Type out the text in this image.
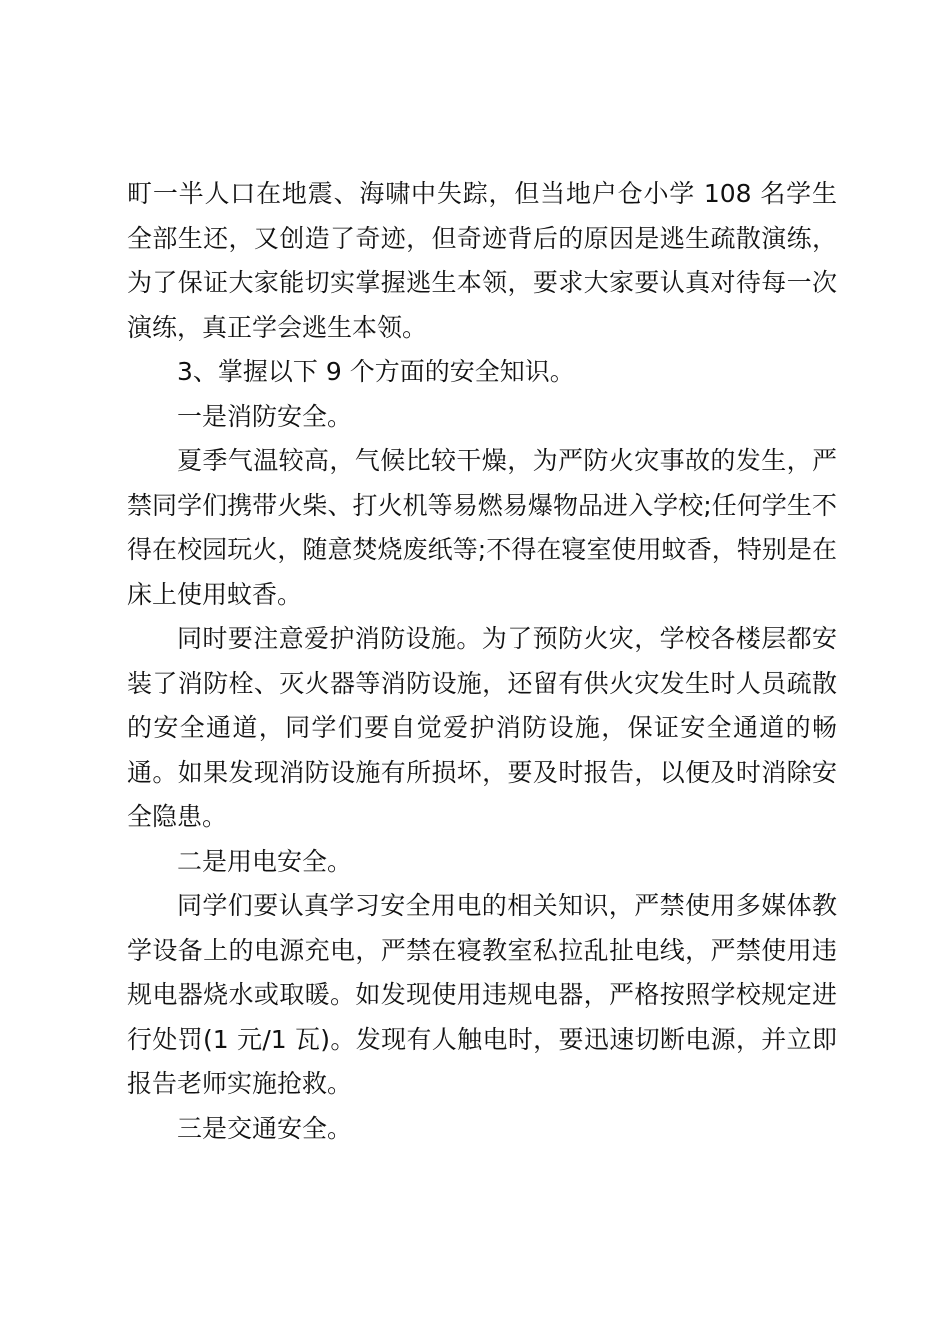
町一半人口在地震、海啸中失踪，但当地户仓小学 108 名学生全部生还，又创造了奇迹，但奇迹背后的原因是逃生疏散演练，为了保证大家能切实掌握逃生本领，要求大家要认真对待每一次演练，真正学会逃生本领。

3、掌握以下 9 个方面的安全知识。

一是消防安全。

夏季气温较高，气候比较干燥，为严防火灾事故的发生，严禁同学们携带火柴、打火机等易燃易爆物品进入学校;任何学生不得在校园玩火，随意焚烧废纸等;不得在寝室使用蚊香，特别是在床上使用蚊香。

同时要注意爱护消防设施。为了预防火灾，学校各楼层都安装了消防栓、灭火器等消防设施，还留有供火灾发生时人员疏散的安全通道，同学们要自觉爱护消防设施，保证安全通道的畅通。如果发现消防设施有所损坏，要及时报告，以便及时消除安全隐患。

二是用电安全。

同学们要认真学习安全用电的相关知识，严禁使用多媒体教学设备上的电源充电，严禁在寝教室私拉乱扯电线，严禁使用违规电器烧水或取暖。如发现使用违规电器，严格按照学校规定进行处罚(1 元/1 瓦)。发现有人触电时，要迅速切断电源，并立即报告老师实施抢救。

三是交通安全。
